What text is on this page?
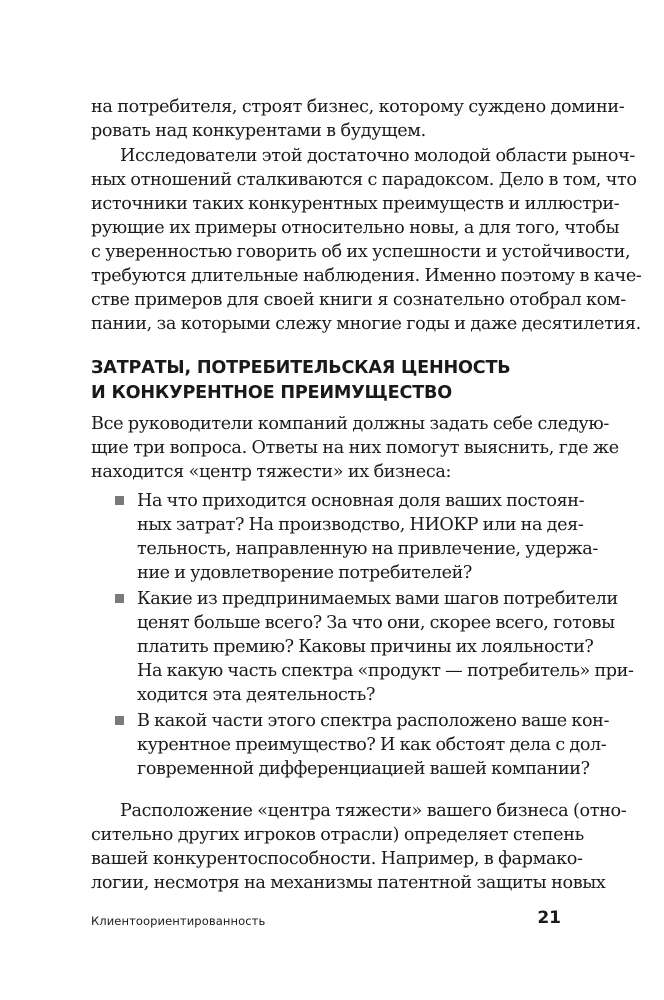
на потребителя, строят бизнес, которому суждено домини-
ровать над конкурентами в будущем.
Исследователи этой достаточно молодой области рыноч-
ных отношений сталкиваются с парадоксом. Дело в том, что
источники таких конкурентных преимуществ и иллюстри-
рующие их примеры относительно новы, а для того, чтобы
с уверенностью говорить об их успешности и устойчивости,
требуются длительные наблюдения. Именно поэтому в каче-
стве примеров для своей книги я сознательно отобрал ком-
пании, за которыми слежу многие годы и даже десятилетия.
ЗАТРАТЫ, ПОТРЕБИТЕЛЬСКАЯ ЦЕННОСТЬ
И КОНКУРЕНТНОЕ ПРЕИМУЩЕСТВО
Все руководители компаний должны задать себе следую-
щие три вопроса. Ответы на них помогут выяснить, где же
находится «центр тяжести» их бизнеса:
На что приходится основная доля ваших постоян-
ных затрат? На производство, НИОКР или на дея-
тельность, направленную на привлечение, удержа-
ние и удовлетворение потребителей?
Какие из предпринимаемых вами шагов потребители
ценят больше всего? За что они, скорее всего, готовы
платить премию? Каковы причины их лояльности?
На какую часть спектра «продукт — потребитель» при-
ходится эта деятельность?
В какой части этого спектра расположено ваше кон-
курентное преимущество? И как обстоят дела с дол-
говременной дифференциацией вашей компании?
Расположение «центра тяжести» вашего бизнеса (отно-
сительно других игроков отрасли) определяет степень
вашей конкурентоспособности. Например, в фармако-
логии, несмотря на механизмы патентной защиты новых
Клиентоориентированность	21
